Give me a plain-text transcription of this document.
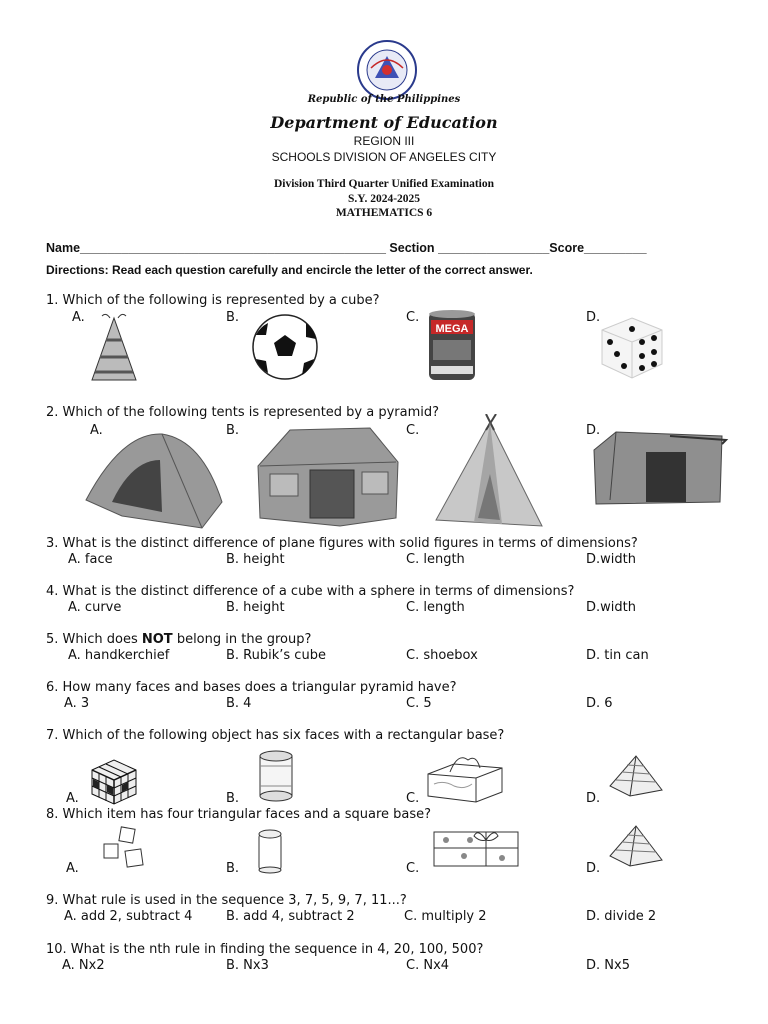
Republic of the Philippines
Department of Education
REGION III
SCHOOLS DIVISION OF ANGELES CITY
Division Third Quarter Unified Examination
S.Y. 2024-2025
MATHEMATICS 6
Name____________________________________________ Section ________________Score_________
Directions: Read each question carefully and encircle the letter of the correct answer.
1. Which of the following is represented by a cube?
A.	B.	C.	D.
MEGA
2. Which of the following tents is represented by a pyramid?
A.	B.	C.	D.
3. What is the distinct difference of plane figures with solid figures in terms of dimensions?
A. face	B. height	C. length	D.width
4. What is the distinct difference of a cube with a sphere in terms of dimensions?
A. curve	B. height	C. length	D.width
5. Which does NOT belong in the group?
A. handkerchief	B. Rubik’s cube	C. shoebox	D. tin can
6. How many faces and bases does a triangular pyramid have?
A. 3	B. 4	C. 5	D. 6
7. Which of the following object has six faces with a rectangular base?
A.	B.	C.	D.
8. Which item has four triangular faces and a square base?
A.	B.	C.	D.
9. What rule is used in the sequence 3, 7, 5, 9, 7, 11...?
A. add 2, subtract 4	B. add 4, subtract 2	C. multiply 2	D. divide 2
10. What is the nth rule in finding the sequence in 4, 20, 100, 500?
A. Nx2	B. Nx3	C. Nx4	D. Nx5
